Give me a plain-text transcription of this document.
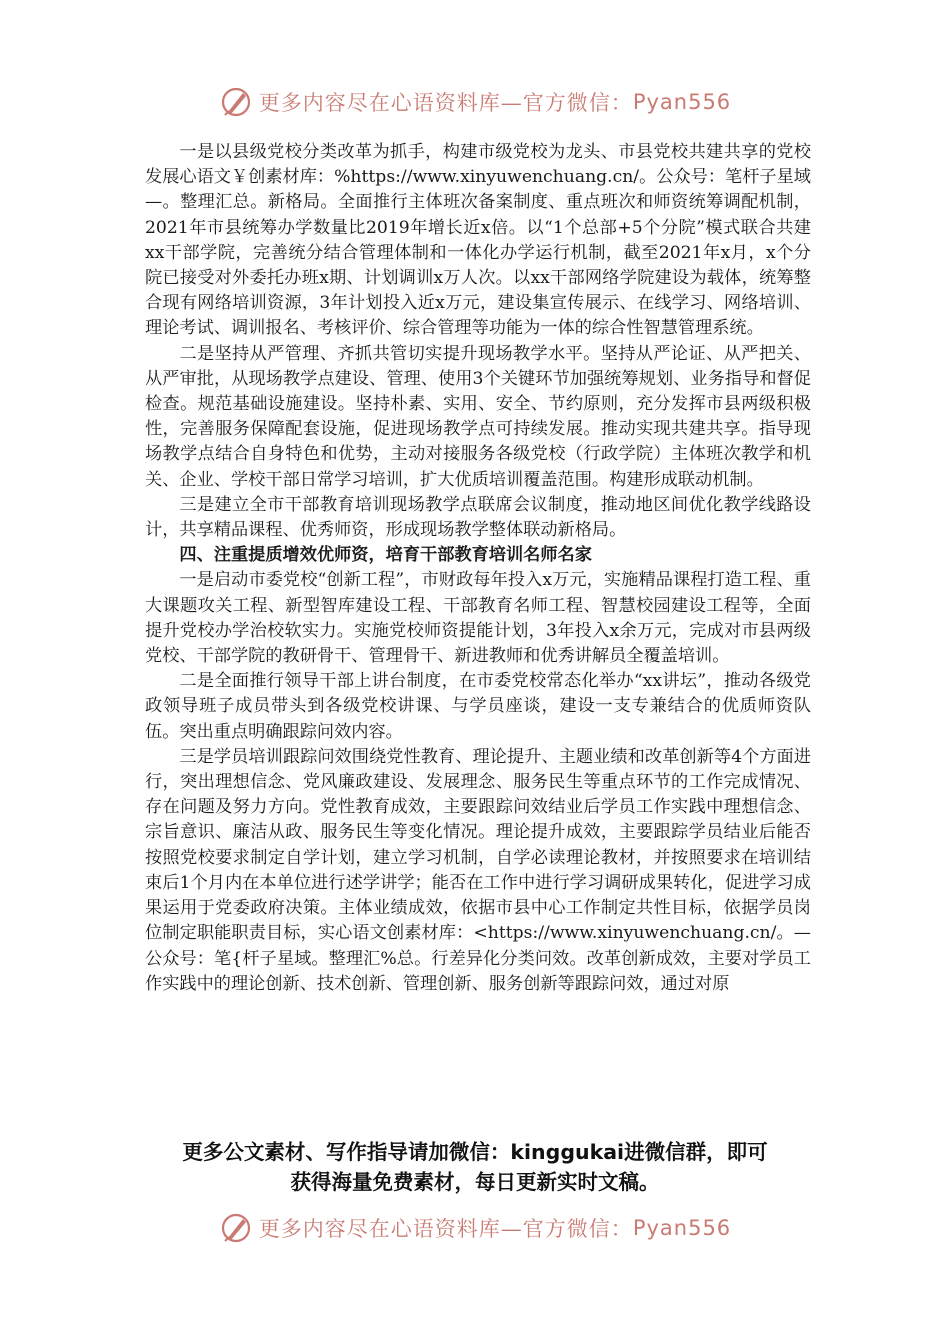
更多内容尽在心语资料库—官方微信： Pyan556

一是以县级党校分类改革为抓手，构建市级党校为龙头、市县党校共建共享的党校发展心语文￥创素材库：%https://www.xinyuwenchuang.cn/。公众号：笔杆子星域—。整理汇总。新格局。全面推行主体班次备案制度、重点班次和师资统筹调配机制，2021年市县统筹办学数量比2019年增长近x倍。以“1个总部+5个分院”模式联合共建xx干部学院，完善统分结合管理体制和一体化办学运行机制，截至2021年x月，x个分院已接受对外委托办班x期、计划调训x万人次。以xx干部网络学院建设为载体，统筹整合现有网络培训资源，3年计划投入近x万元，建设集宣传展示、在线学习、网络培训、理论考试、调训报名、考核评价、综合管理等功能为一体的综合性智慧管理系统。

二是坚持从严管理、齐抓共管切实提升现场教学水平。坚持从严论证、从严把关、从严审批，从现场教学点建设、管理、使用3个关键环节加强统筹规划、业务指导和督促检查。规范基础设施建设。坚持朴素、实用、安全、节约原则，充分发挥市县两级积极性，完善服务保障配套设施，促进现场教学点可持续发展。推动实现共建共享。指导现场教学点结合自身特色和优势，主动对接服务各级党校（行政学院）主体班次教学和机关、企业、学校干部日常学习培训，扩大优质培训覆盖范围。构建形成联动机制。

三是建立全市干部教育培训现场教学点联席会议制度，推动地区间优化教学线路设计，共享精品课程、优秀师资，形成现场教学整体联动新格局。

四、注重提质增效优师资，培育干部教育培训名师名家

一是启动市委党校“创新工程”，市财政每年投入x万元，实施精品课程打造工程、重大课题攻关工程、新型智库建设工程、干部教育名师工程、智慧校园建设工程等，全面提升党校办学治校软实力。实施党校师资提能计划，3年投入x余万元，完成对市县两级党校、干部学院的教研骨干、管理骨干、新进教师和优秀讲解员全覆盖培训。

二是全面推行领导干部上讲台制度，在市委党校常态化举办“xx讲坛”，推动各级党政领导班子成员带头到各级党校讲课、与学员座谈，建设一支专兼结合的优质师资队伍。突出重点明确跟踪问效内容。

三是学员培训跟踪问效围绕党性教育、理论提升、主题业绩和改革创新等4个方面进行，突出理想信念、党风廉政建设、发展理念、服务民生等重点环节的工作完成情况、存在问题及努力方向。党性教育成效，主要跟踪问效结业后学员工作实践中理想信念、宗旨意识、廉洁从政、服务民生等变化情况。理论提升成效，主要跟踪学员结业后能否按照党校要求制定自学计划，建立学习机制，自学必读理论教材，并按照要求在培训结束后1个月内在本单位进行述学讲学；能否在工作中进行学习调研成果转化，促进学习成果运用于党委政府决策。主体业绩成效，依据市县中心工作制定共性目标，依据学员岗位制定职能职责目标，实心语文创素材库：<https://www.xinyuwenchuang.cn/。—公众号：笔{杆子星域。整理汇%总。行差异化分类问效。改革创新成效，主要对学员工作实践中的理论创新、技术创新、管理创新、服务创新等跟踪问效，通过对原

更多公文素材、写作指导请加微信：kinggukai进微信群，即可
获得海量免费素材，每日更新实时文稿。
更多内容尽在心语资料库—官方微信： Pyan556
